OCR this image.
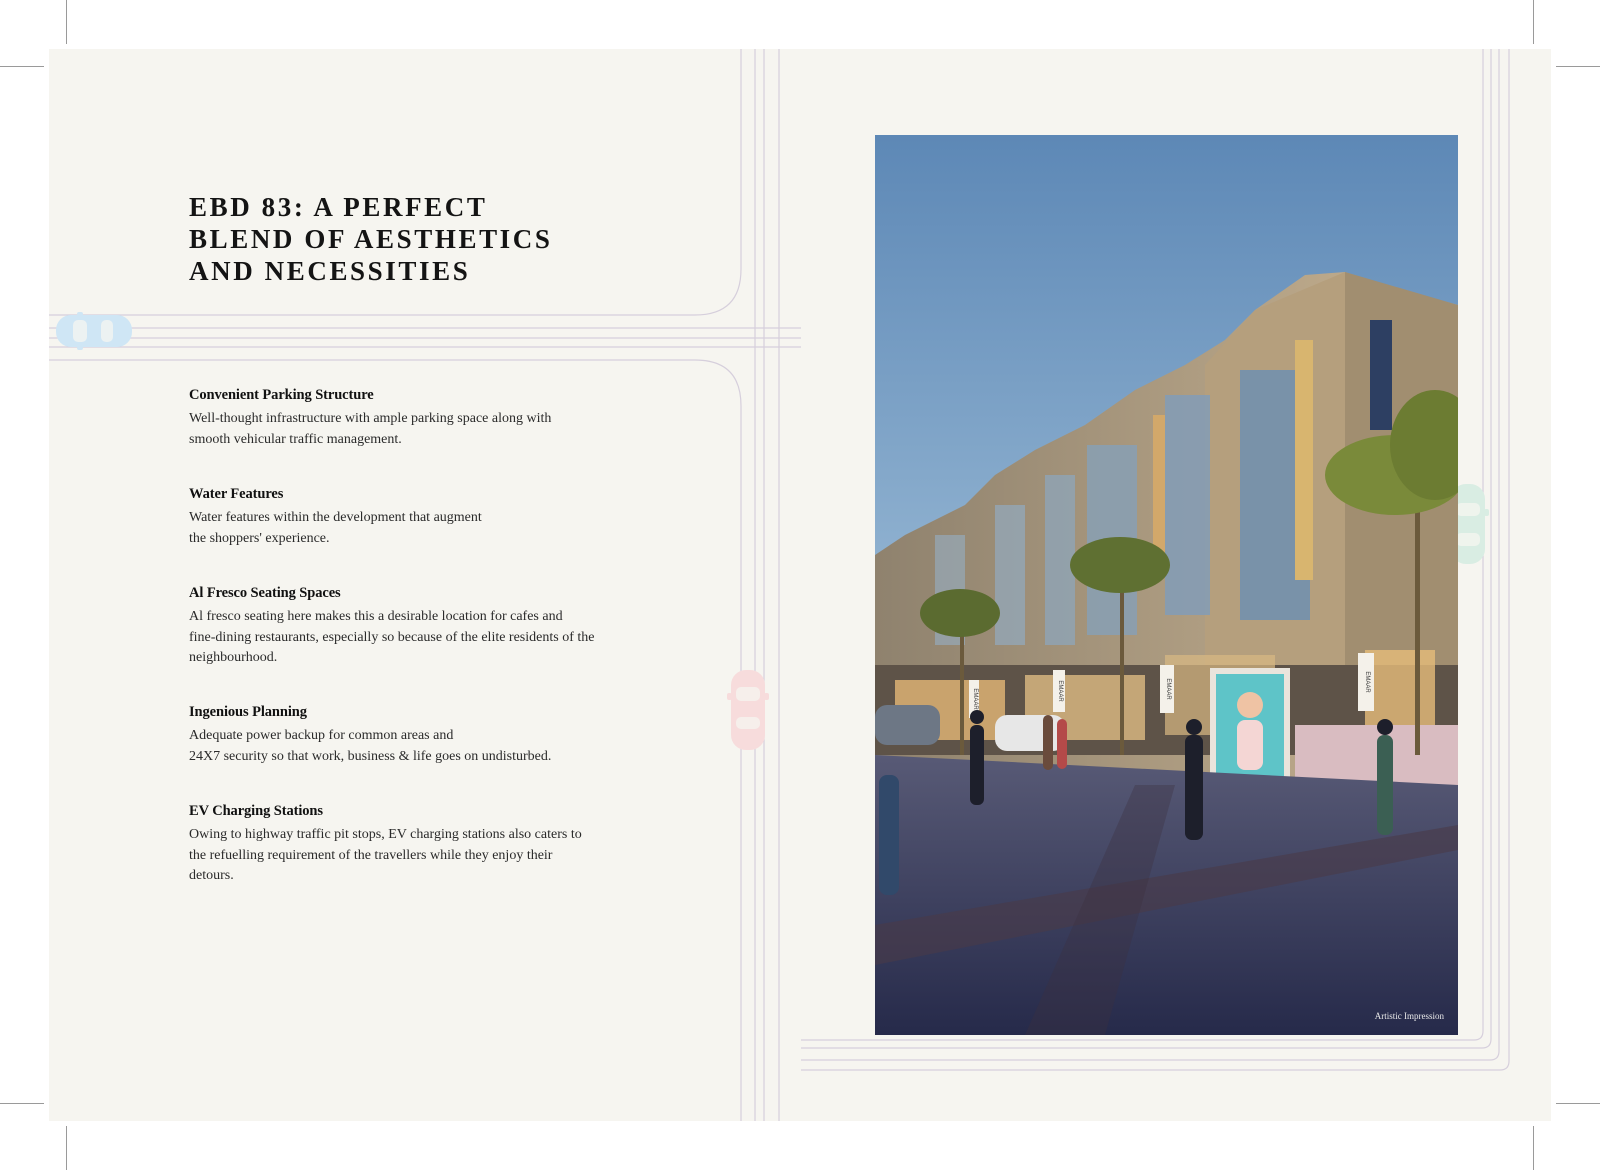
EBD 83: A PERFECT
BLEND OF AESTHETICS
AND NECESSITIES
Convenient Parking Structure

Well-thought infrastructure with ample parking space along with
smooth vehicular traffic management.

Water Features

Water features within the development that augment
the shoppers' experience.

Al Fresco Seating Spaces

Al fresco seating here makes this a desirable location for cafes and
fine-dining restaurants, especially so because of the elite residents of the
neighbourhood.

Ingenious Planning

Adequate power backup for common areas and
24X7 security so that work, business & life goes on undisturbed.

EV Charging Stations

Owing to highway traffic pit stops, EV charging stations also caters to
the refuelling requirement of the travellers while they enjoy their
detours.

EMAAR	EMAAR	EMAAR	EMAAR
Artistic Impression
